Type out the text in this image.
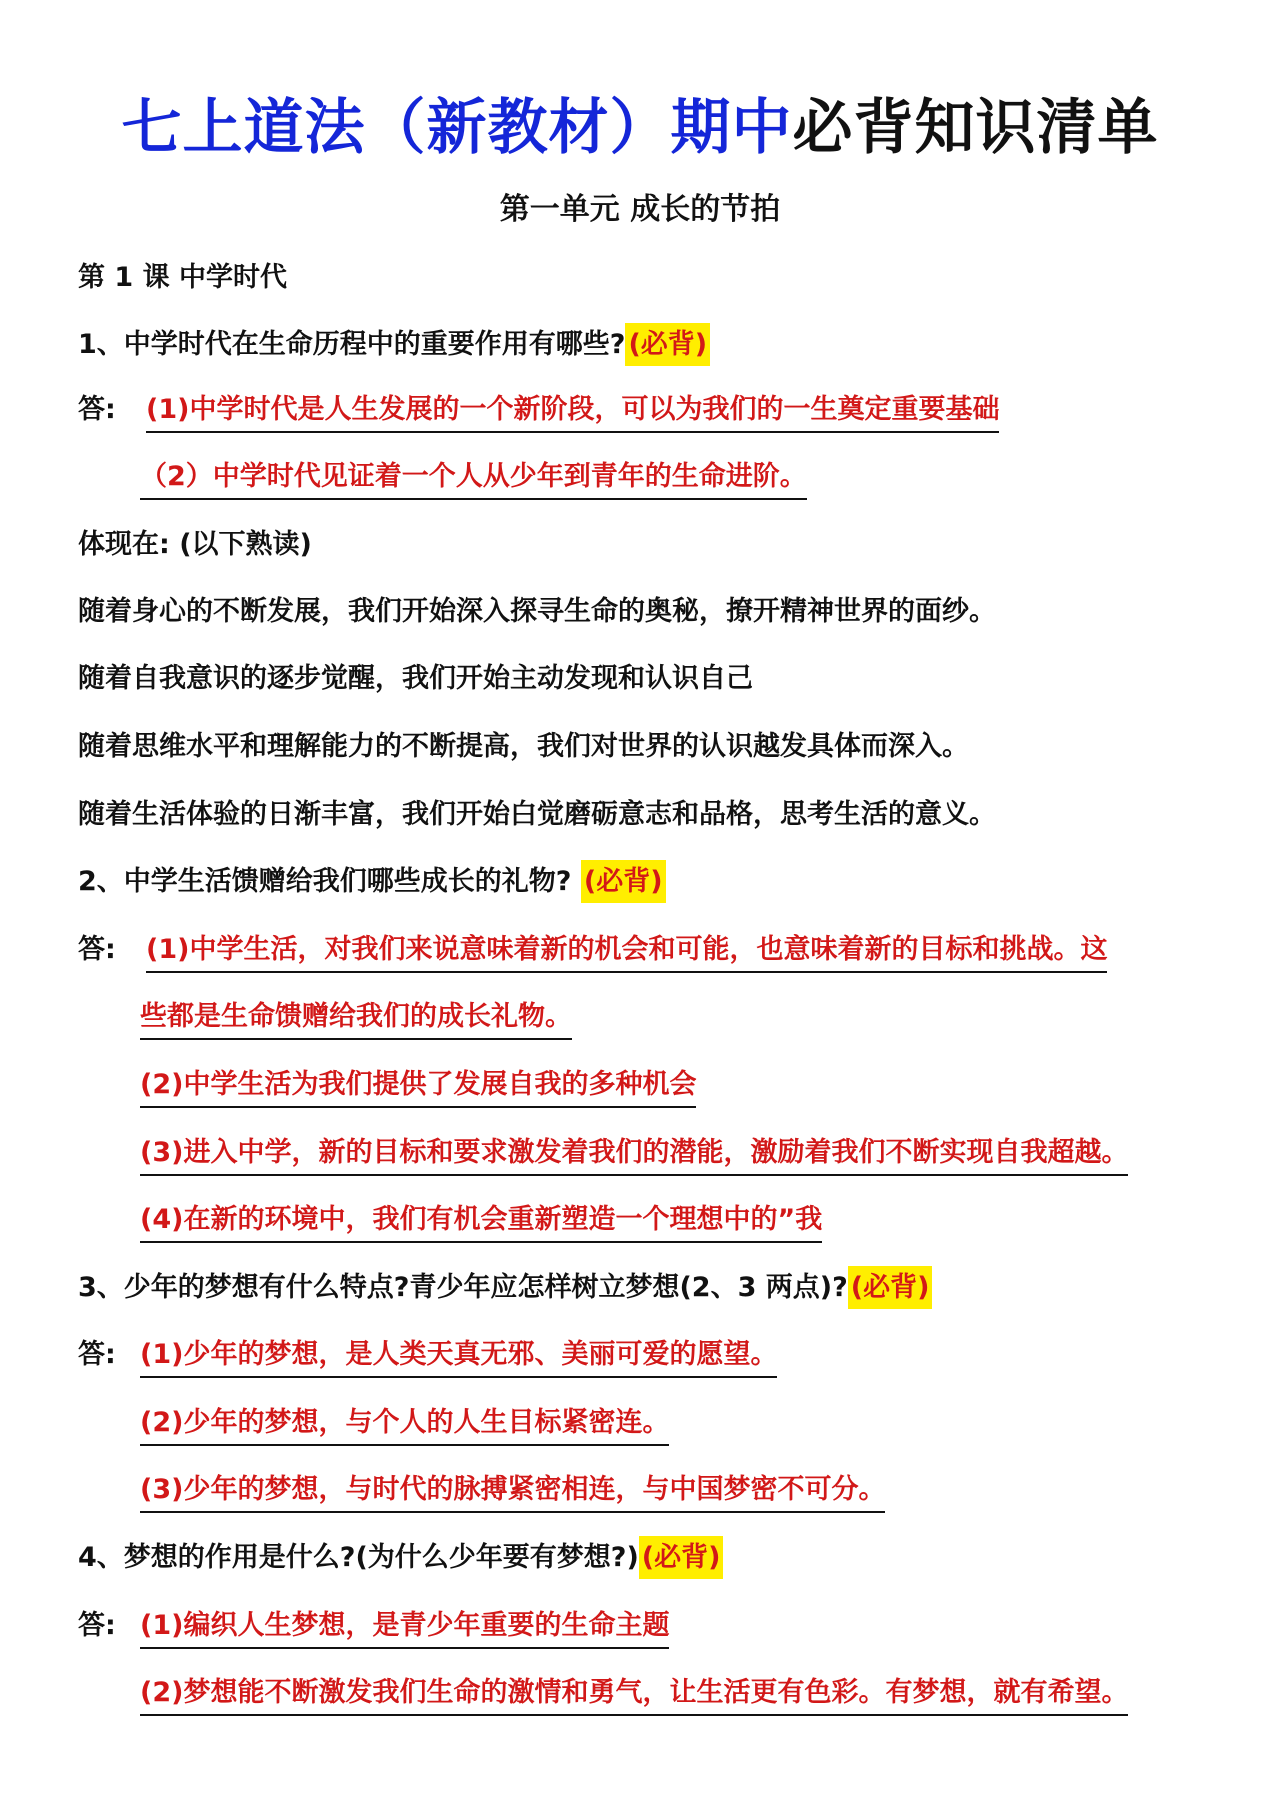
七上道法（新教材）期中必背知识清单
第一单元 成长的节拍
第 1 课 中学时代
1、中学时代在生命历程中的重要作用有哪些? (必背)
答: (1)中学时代是人生发展的一个新阶段，可以为我们的一生奠定重要基础
（2）中学时代见证着一个人从少年到青年的生命进阶。
体现在: (以下熟读)
随着身心的不断发展，我们开始深入探寻生命的奥秘，撩开精神世界的面纱。
随着自我意识的逐步觉醒，我们开始主动发现和认识自己
随着思维水平和理解能力的不断提高，我们对世界的认识越发具体而深入。
随着生活体验的日渐丰富，我们开始白觉磨砺意志和品格，思考生活的意义。
2、中学生活馈赠给我们哪些成长的礼物? (必背)
答: (1)中学生活，对我们来说意味着新的机会和可能，也意味着新的目标和挑战。这
些都是生命馈赠给我们的成长礼物。
(2)中学生活为我们提供了发展自我的多种机会
(3)进入中学，新的目标和要求激发着我们的潜能，激励着我们不断实现自我超越。
(4)在新的环境中，我们有机会重新塑造一个理想中的”我
3、少年的梦想有什么特点?青少年应怎样树立梦想(2、3 两点)? (必背)
答: (1)少年的梦想，是人类天真无邪、美丽可爱的愿望。
(2)少年的梦想，与个人的人生目标紧密连。
(3)少年的梦想，与时代的脉搏紧密相连，与中国梦密不可分。
4、梦想的作用是什么?(为什么少年要有梦想?) (必背)
答: (1)编织人生梦想，是青少年重要的生命主题
(2)梦想能不断激发我们生命的激情和勇气，让生活更有色彩。有梦想，就有希望。
